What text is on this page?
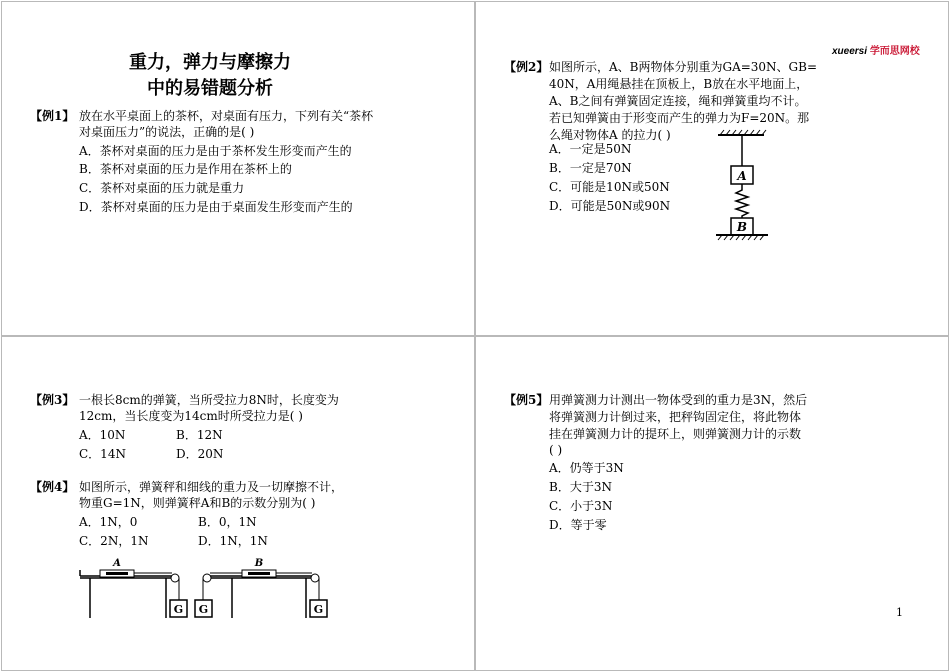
重力，弹力与摩擦力
中的易错题分析
【例1】 放在水平桌面上的茶杯，对桌面有压力，下列有关“茶杯
对桌面压力”的说法，正确的是( )
A．茶杯对桌面的压力是由于茶杯发生形变而产生的
B．茶杯对桌面的压力是作用在茶杯上的
C．茶杯对桌面的压力就是重力
D．茶杯对桌面的压力是由于桌面发生形变而产生的
xueersi 学而思网校
【例2】 如图所示，A、B两物体分别重为GA=30N、GB=
40N，A用绳悬挂在顶板上，B放在水平地面上，
A、B之间有弹簧固定连接，绳和弹簧重均不计。
若已知弹簧由于形变而产生的弹力为F=20N。那
么绳对物体A 的拉力( )
A．一定是50N
B．一定是70N
C．可能是10N或50N
D．可能是50N或90N
A
B
【例3】 一根长8cm的弹簧，当所受拉力8N时，长度变为
12cm，当长度变为14cm时所受拉力是( )
A．10N	B．12N
C．14N	D．20N
【例4】 如图所示，弹簧秤和细线的重力及一切摩擦不计，
物重G=1N，则弹簧秤A和B的示数分别为( )
A．1N，0	B．0，1N
C．2N，1N	D．1N，1N
A
G G
B
G
【例5】 用弹簧测力计测出一物体受到的重力是3N，然后
将弹簧测力计倒过来，把秤钩固定住，将此物体
挂在弹簧测力计的提环上，则弹簧测力计的示数
( )
A．仍等于3N
B．大于3N
C．小于3N
D．等于零
1
